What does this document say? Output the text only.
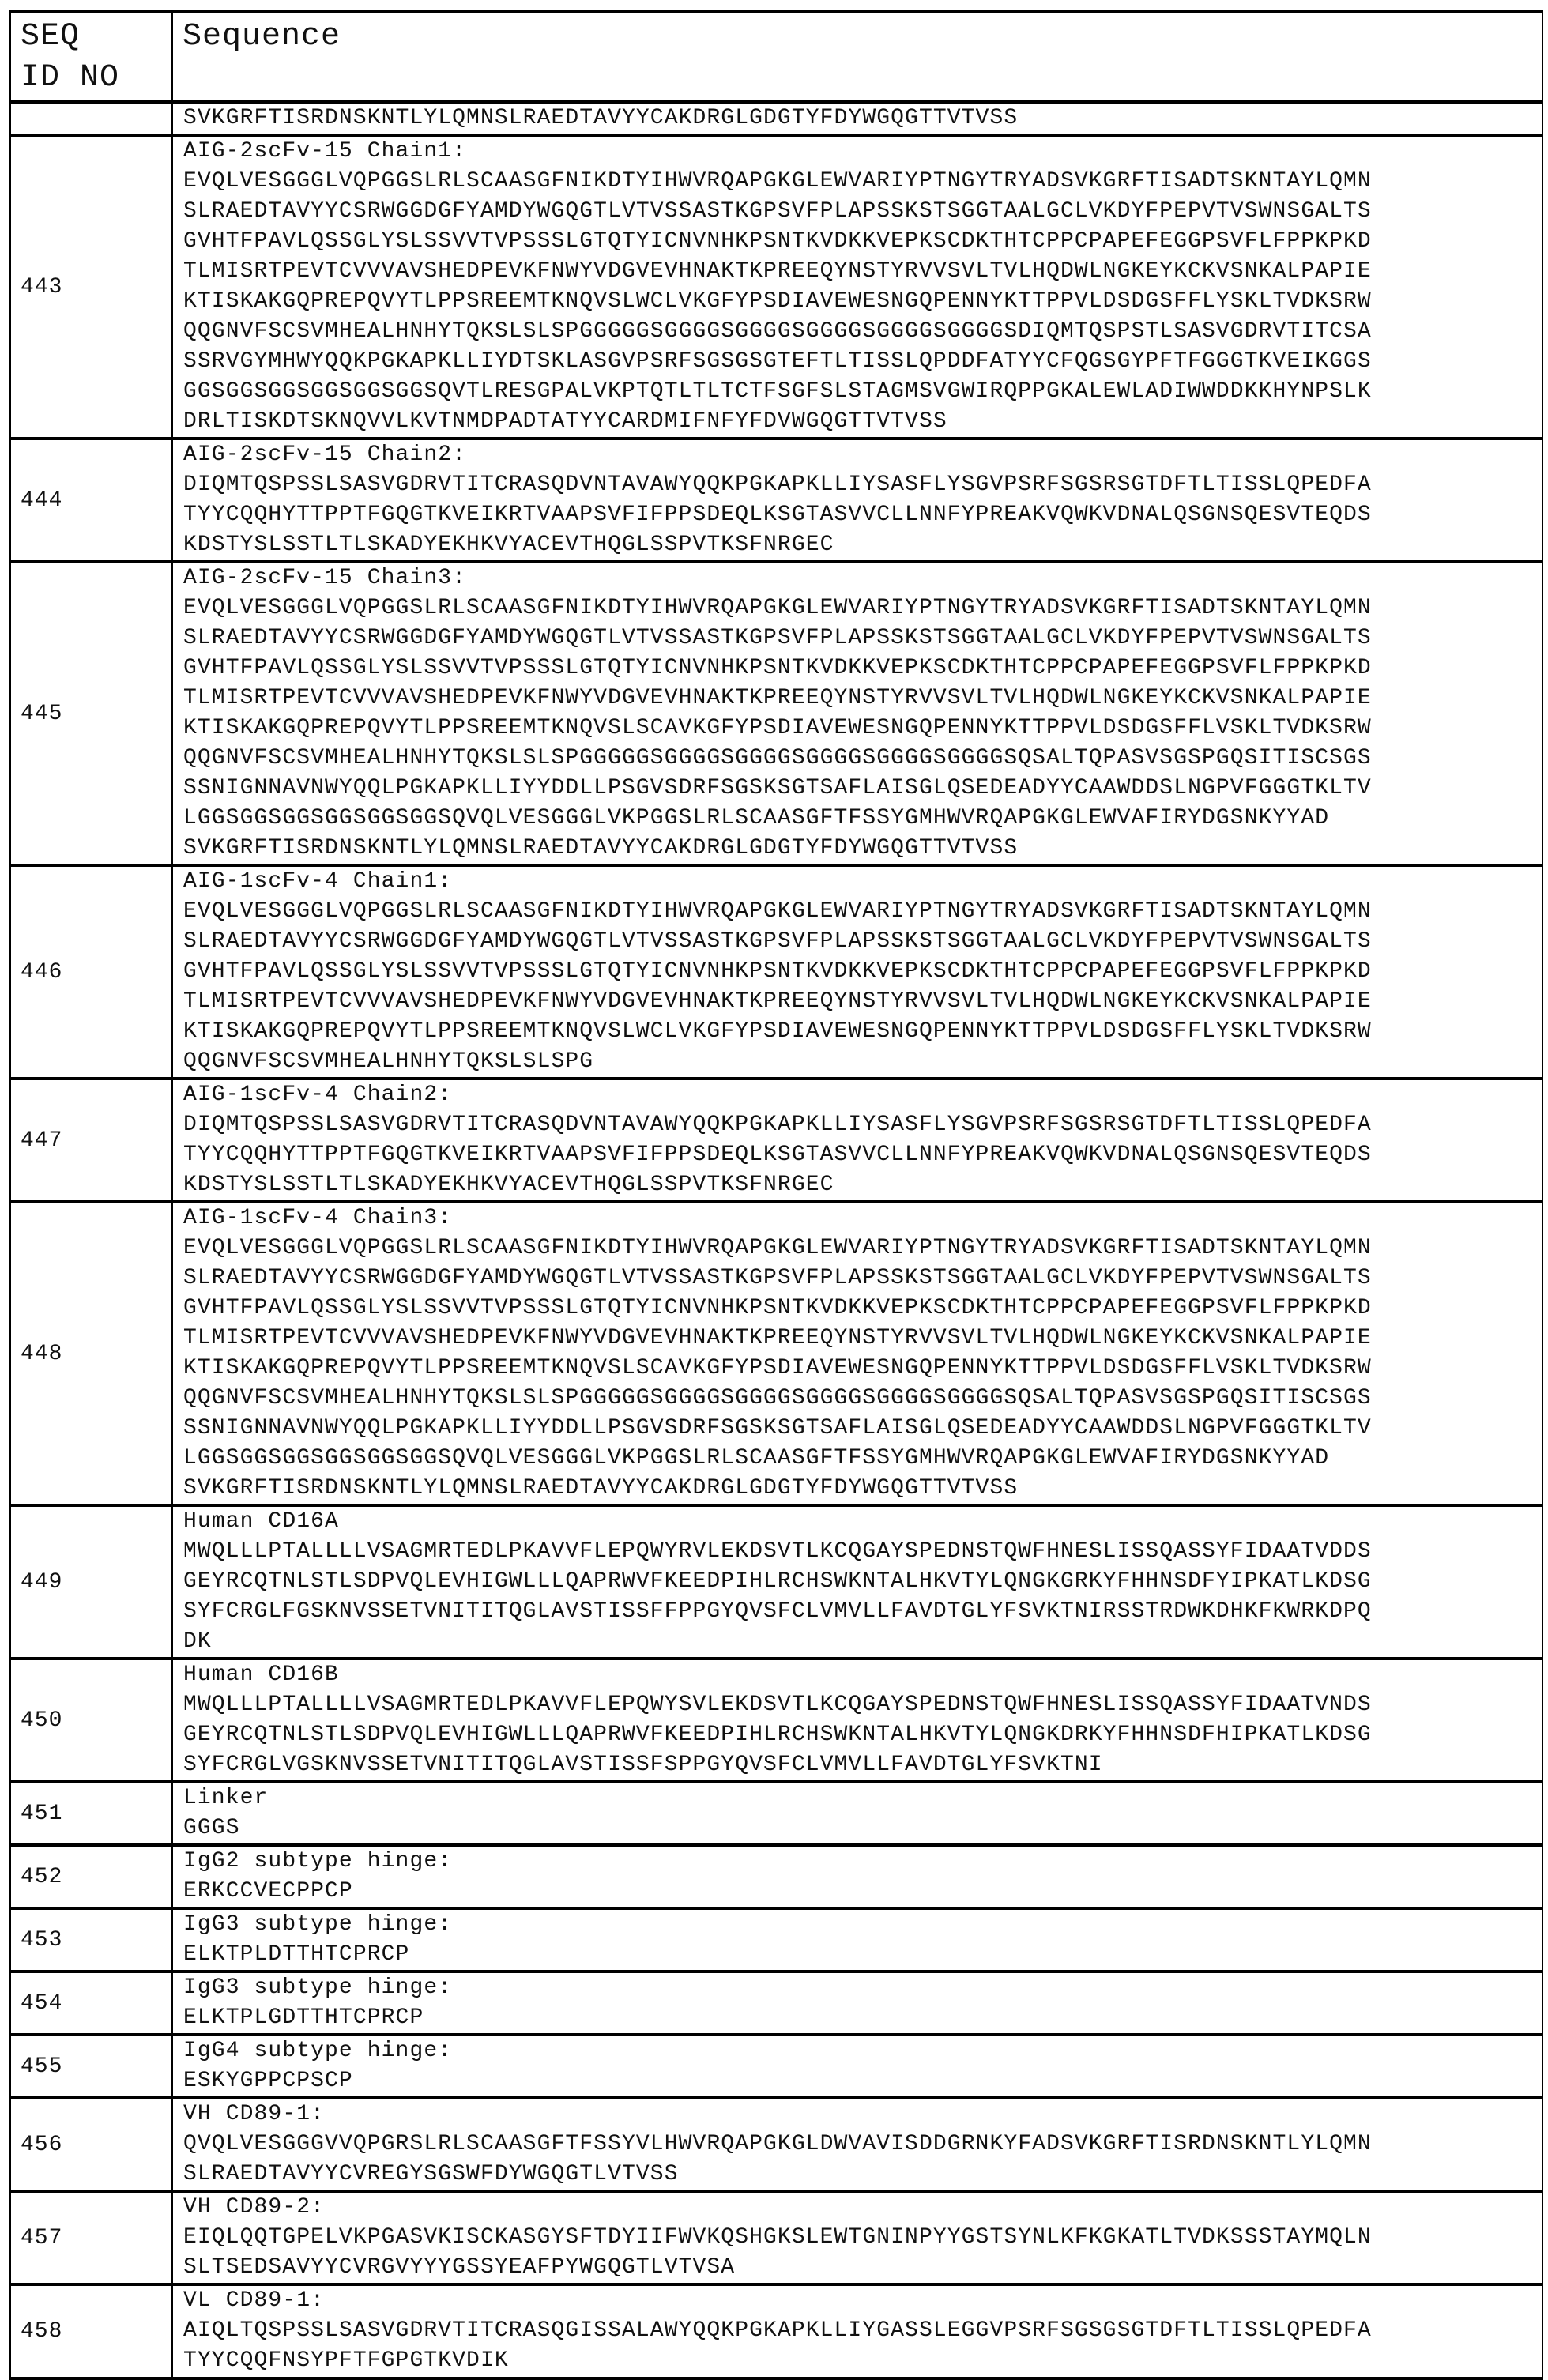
SEQ
ID NO	Sequence

SVKGRFTISRDNSKNTLYLQMNSLRAEDTAVYYCAKDRGLGDGTYFDYWGQGTTVTVSS

443	
AIG-2scFv-15 Chain1:
EVQLVESGGGLVQPGGSLRLSCAASGFNIKDTYIHWVRQAPGKGLEWVARIYPTNGYTRYADSVKGRFTISADTSKNTAYLQMN
SLRAEDTAVYYCSRWGGDGFYAMDYWGQGTLVTVSSASTKGPSVFPLAPSSKSTSGGTAALGCLVKDYFPEPVTVSWNSGALTS
GVHTFPAVLQSSGLYSLSSVVTVPSSSLGTQTYICNVNHKPSNTKVDKKVEPKSCDKTHTCPPCPAPEFEGGPSVFLFPPKPKD
TLMISRTPEVTCVVVAVSHEDPEVKFNWYVDGVEVHNAKTKPREEQYNSTYRVVSVLTVLHQDWLNGKEYKCKVSNKALPAPIE
KTISKAKGQPREPQVYTLPPSREEMTKNQVSLWCLVKGFYPSDIAVEWESNGQPENNYKTTPPVLDSDGSFFLYSKLTVDKSRW
QQGNVFSCSVMHEALHNHYTQKSLSLSPGGGGGSGGGGSGGGGSGGGGSGGGGSGGGGSDIQMTQSPSTLSASVGDRVTITCSA
SSRVGYMHWYQQKPGKAPKLLIYDTSKLASGVPSRFSGSGSGTEFTLTISSLQPDDFATYYCFQGSGYPFTFGGGTKVEIKGGS
GGSGGSGGSGGSGGSGGSQVTLRESGPALVKPTQTLTLTCTFSGFSLSTAGMSVGWIRQPPGKALEWLADIWWDDKKHYNPSLK
DRLTISKDTSKNQVVLKVTNMDPADTATYYCARDMIFNFYFDVWGQGTTVTVSS

444	
AIG-2scFv-15 Chain2:
DIQMTQSPSSLSASVGDRVTITCRASQDVNTAVAWYQQKPGKAPKLLIYSASFLYSGVPSRFSGSRSGTDFTLTISSLQPEDFA
TYYCQQHYTTPPTFGQGTKVEIKRTVAAPSVFIFPPSDEQLKSGTASVVCLLNNFYPREAKVQWKVDNALQSGNSQESVTEQDS
KDSTYSLSSTLTLSKADYEKHKVYACEVTHQGLSSPVTKSFNRGEC

445	
AIG-2scFv-15 Chain3:
EVQLVESGGGLVQPGGSLRLSCAASGFNIKDTYIHWVRQAPGKGLEWVARIYPTNGYTRYADSVKGRFTISADTSKNTAYLQMN
SLRAEDTAVYYCSRWGGDGFYAMDYWGQGTLVTVSSASTKGPSVFPLAPSSKSTSGGTAALGCLVKDYFPEPVTVSWNSGALTS
GVHTFPAVLQSSGLYSLSSVVTVPSSSLGTQTYICNVNHKPSNTKVDKKVEPKSCDKTHTCPPCPAPEFEGGPSVFLFPPKPKD
TLMISRTPEVTCVVVAVSHEDPEVKFNWYVDGVEVHNAKTKPREEQYNSTYRVVSVLTVLHQDWLNGKEYKCKVSNKALPAPIE
KTISKAKGQPREPQVYTLPPSREEMTKNQVSLSCAVKGFYPSDIAVEWESNGQPENNYKTTPPVLDSDGSFFLVSKLTVDKSRW
QQGNVFSCSVMHEALHNHYTQKSLSLSPGGGGGSGGGGSGGGGSGGGGSGGGGSGGGGSQSALTQPASVSGSPGQSITISCSGS
SSNIGNNAVNWYQQLPGKAPKLLIYYDDLLPSGVSDRFSGSKSGTSAFLAISGLQSEDEADYYCAAWDDSLNGPVFGGGTKLTV
LGGSGGSGGSGGSGGSGGSQVQLVESGGGLVKPGGSLRLSCAASGFTFSSYGMHWVRQAPGKGLEWVAFIRYDGSNKYYAD
SVKGRFTISRDNSKNTLYLQMNSLRAEDTAVYYCAKDRGLGDGTYFDYWGQGTTVTVSS

446	
AIG-1scFv-4 Chain1:
EVQLVESGGGLVQPGGSLRLSCAASGFNIKDTYIHWVRQAPGKGLEWVARIYPTNGYTRYADSVKGRFTISADTSKNTAYLQMN
SLRAEDTAVYYCSRWGGDGFYAMDYWGQGTLVTVSSASTKGPSVFPLAPSSKSTSGGTAALGCLVKDYFPEPVTVSWNSGALTS
GVHTFPAVLQSSGLYSLSSVVTVPSSSLGTQTYICNVNHKPSNTKVDKKVEPKSCDKTHTCPPCPAPEFEGGPSVFLFPPKPKD
TLMISRTPEVTCVVVAVSHEDPEVKFNWYVDGVEVHNAKTKPREEQYNSTYRVVSVLTVLHQDWLNGKEYKCKVSNKALPAPIE
KTISKAKGQPREPQVYTLPPSREEMTKNQVSLWCLVKGFYPSDIAVEWESNGQPENNYKTTPPVLDSDGSFFLYSKLTVDKSRW
QQGNVFSCSVMHEALHNHYTQKSLSLSPG

447	
AIG-1scFv-4 Chain2:
DIQMTQSPSSLSASVGDRVTITCRASQDVNTAVAWYQQKPGKAPKLLIYSASFLYSGVPSRFSGSRSGTDFTLTISSLQPEDFA
TYYCQQHYTTPPTFGQGTKVEIKRTVAAPSVFIFPPSDEQLKSGTASVVCLLNNFYPREAKVQWKVDNALQSGNSQESVTEQDS
KDSTYSLSSTLTLSKADYEKHKVYACEVTHQGLSSPVTKSFNRGEC

448	
AIG-1scFv-4 Chain3:
EVQLVESGGGLVQPGGSLRLSCAASGFNIKDTYIHWVRQAPGKGLEWVARIYPTNGYTRYADSVKGRFTISADTSKNTAYLQMN
SLRAEDTAVYYCSRWGGDGFYAMDYWGQGTLVTVSSASTKGPSVFPLAPSSKSTSGGTAALGCLVKDYFPEPVTVSWNSGALTS
GVHTFPAVLQSSGLYSLSSVVTVPSSSLGTQTYICNVNHKPSNTKVDKKVEPKSCDKTHTCPPCPAPEFEGGPSVFLFPPKPKD
TLMISRTPEVTCVVVAVSHEDPEVKFNWYVDGVEVHNAKTKPREEQYNSTYRVVSVLTVLHQDWLNGKEYKCKVSNKALPAPIE
KTISKAKGQPREPQVYTLPPSREEMTKNQVSLSCAVKGFYPSDIAVEWESNGQPENNYKTTPPVLDSDGSFFLVSKLTVDKSRW
QQGNVFSCSVMHEALHNHYTQKSLSLSPGGGGGSGGGGSGGGGSGGGGSGGGGSGGGGSQSALTQPASVSGSPGQSITISCSGS
SSNIGNNAVNWYQQLPGKAPKLLIYYDDLLPSGVSDRFSGSKSGTSAFLAISGLQSEDEADYYCAAWDDSLNGPVFGGGTKLTV
LGGSGGSGGSGGSGGSGGSQVQLVESGGGLVKPGGSLRLSCAASGFTFSSYGMHWVRQAPGKGLEWVAFIRYDGSNKYYAD
SVKGRFTISRDNSKNTLYLQMNSLRAEDTAVYYCAKDRGLGDGTYFDYWGQGTTVTVSS

449	
Human CD16A
MWQLLLPTALLLLVSAGMRTEDLPKAVVFLEPQWYRVLEKDSVTLKCQGAYSPEDNSTQWFHNESLISSQASSYFIDAATVDDS
GEYRCQTNLSTLSDPVQLEVHIGWLLLQAPRWVFKEEDPIHLRCHSWKNTALHKVTYLQNGKGRKYFHHNSDFYIPKATLKDSG
SYFCRGLFGSKNVSSETVNITITQGLAVSTISSFFPPGYQVSFCLVMVLLFAVDTGLYFSVKTNIRSSTRDWKDHKFKWRKDPQ
DK

450	
Human CD16B
MWQLLLPTALLLLVSAGMRTEDLPKAVVFLEPQWYSVLEKDSVTLKCQGAYSPEDNSTQWFHNESLISSQASSYFIDAATVNDS
GEYRCQTNLSTLSDPVQLEVHIGWLLLQAPRWVFKEEDPIHLRCHSWKNTALHKVTYLQNGKDRKYFHHNSDFHIPKATLKDSG
SYFCRGLVGSKNVSSETVNITITQGLAVSTISSFSPPGYQVSFCLVMVLLFAVDTGLYFSVKTNI

451	
Linker
GGGS

452	
IgG2 subtype hinge:
ERKCCVECPPCP

453	
IgG3 subtype hinge:
ELKTPLDTTHTCPRCP

454	
IgG3 subtype hinge:
ELKTPLGDTTHTCPRCP

455	
IgG4 subtype hinge:
ESKYGPPCPSCP

456	
VH CD89-1:
QVQLVESGGGVVQPGRSLRLSCAASGFTFSSYVLHWVRQAPGKGLDWVAVISDDGRNKYFADSVKGRFTISRDNSKNTLYLQMN
SLRAEDTAVYYCVREGYSGSWFDYWGQGTLVTVSS

457	
VH CD89-2:
EIQLQQTGPELVKPGASVKISCKASGYSFTDYIIFWVKQSHGKSLEWTGNINPYYGSTSYNLKFKGKATLTVDKSSSTAYMQLN
SLTSEDSAVYYCVRGVYYYGSSYEAFPYWGQGTLVTVSA

458	
VL CD89-1:
AIQLTQSPSSLSASVGDRVTITCRASQGISSALAWYQQKPGKAPKLLIYGASSLEGGVPSRFSGSGSGTDFTLTISSLQPEDFA
TYYCQQFNSYPFTFGPGTKVDIK
